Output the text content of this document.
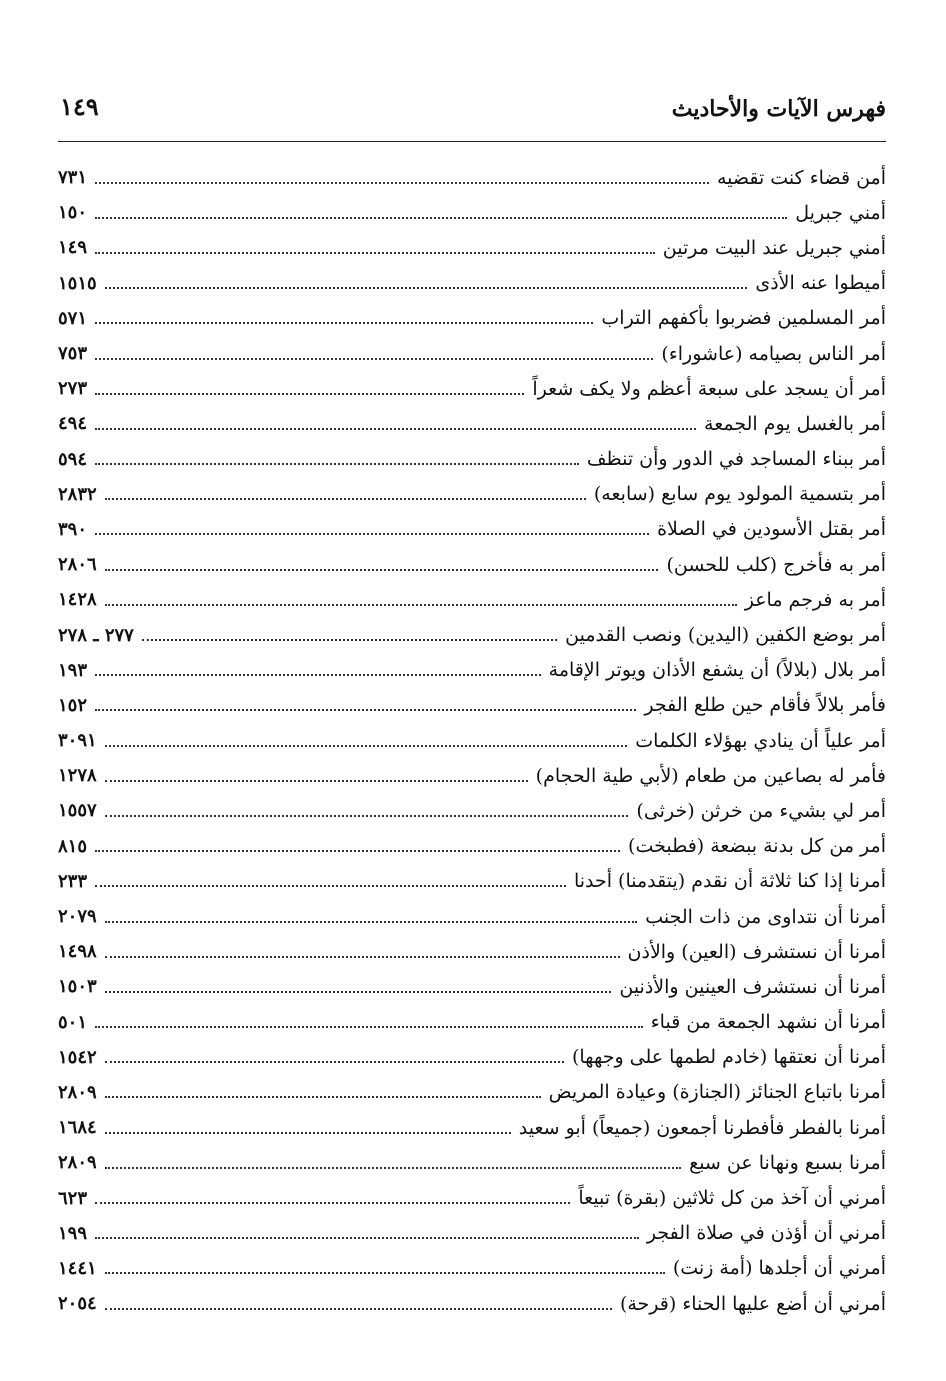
فهرس الآيات والأحاديث
١٤٩
أمن قضاء كنت تقضيه
٧٣١
أمني جبريل
١٥٠
أمني جبريل عند البيت مرتين
١٤٩
أميطوا عنه الأذى
١٥١٥
أمر المسلمين فضربوا بأكفهم التراب
٥٧١
أمر الناس بصيامه (عاشوراء)
٧٥٣
أمر أن يسجد على سبعة أعظم ولا يكف شعراً
٢٧٣
أمر بالغسل يوم الجمعة
٤٩٤
أمر ببناء المساجد في الدور وأن تنظف
٥٩٤
أمر بتسمية المولود يوم سابع (سابعه)
٢٨٣٢
أمر بقتل الأسودين في الصلاة
٣٩٠
أمر به فأخرج (كلب للحسن)
٢٨٠٦
أمر به فرجم ماعز
١٤٢٨
أمر بوضع الكفين (اليدين) ونصب القدمين
٢٧٧ ـ ٢٧٨
أمر بلال (بلالاً) أن يشفع الأذان ويوتر الإقامة
١٩٣
فأمر بلالاً فأقام حين طلع الفجر
١٥٢
أمر علياً أن ينادي بهؤلاء الكلمات
٣٠٩١
فأمر له بصاعين من طعام (لأبي طية الحجام)
١٢٧٨
أمر لي بشيء من خرثن (خرثى)
١٥٥٧
أمر من كل بدنة ببضعة (فطبخت)
٨١٥
أمرنا إذا كنا ثلاثة أن نقدم (يتقدمنا) أحدنا
٢٣٣
أمرنا أن نتداوى من ذات الجنب
٢٠٧٩
أمرنا أن نستشرف (العين) والأذن
١٤٩٨
أمرنا أن نستشرف العينين والأذنين
١٥٠٣
أمرنا أن نشهد الجمعة من قباء
٥٠١
أمرنا أن نعتقها (خادم لطمها على وجهها)
١٥٤٢
أمرنا باتباع الجنائز (الجنازة) وعيادة المريض
٢٨٠٩
أمرنا بالفطر فأفطرنا أجمعون (جميعاً) أبو سعيد
١٦٨٤
أمرنا بسبع ونهانا عن سبع
٢٨٠٩
أمرني أن آخذ من كل ثلاثين (بقرة) تبيعاً
٦٢٣
أمرني أن أؤذن في صلاة الفجر
١٩٩
أمرني أن أجلدها (أمة زنت)
١٤٤١
أمرني أن أضع عليها الحناء (قرحة)
٢٠٥٤
